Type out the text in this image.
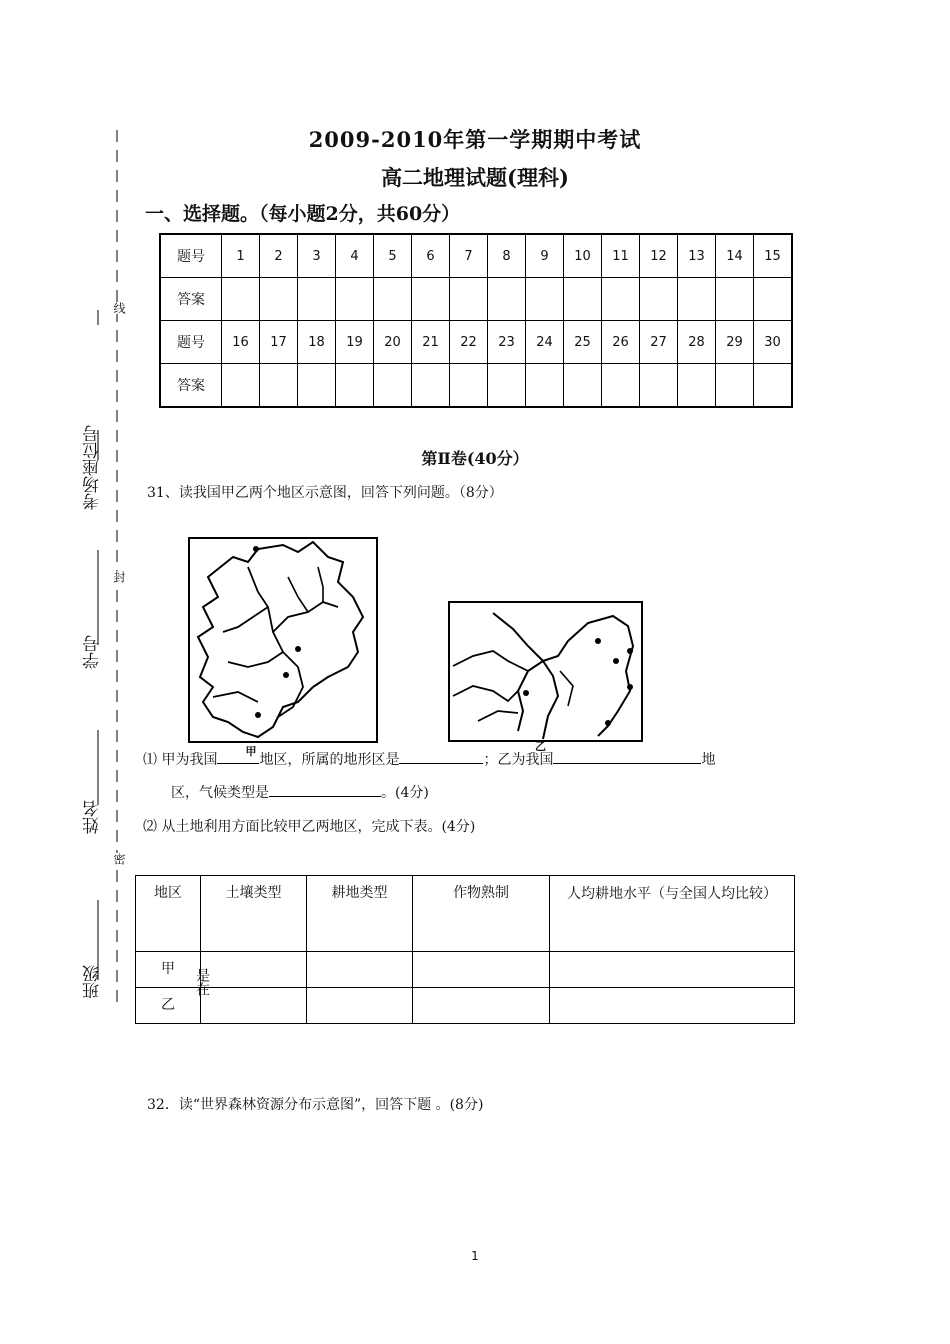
考场座位号
学号
姓名
班级
线
封
密
2009-2010年第一学期期中考试
高二地理试题(理科)
一、选择题。（每小题2分，共60分）
题号	1	2	3	4	5	6	7	8	9	10	11	12	13	14	15
答案															
题号	16	17	18	19	20	21	22	23	24	25	26	27	28	29	30
答案															
第Ⅱ卷(40分）
31、读我国甲乙两个地区示意图，回答下列问题。（8分）
⑴ 甲为我国
甲
地区，所属的地形区是	；乙为我国	地
乙
区，气候类型是	。(4分)
⑵ 从土地利用方面比较甲乙两地区，完成下表。(4分)
地区	土壤类型	耕地类型	作物熟制	人均耕地水平（与全国人均比较）
甲				
乙				
是在
32．读“世界森林资源分布示意图”，回答下题 。(8分)
1
